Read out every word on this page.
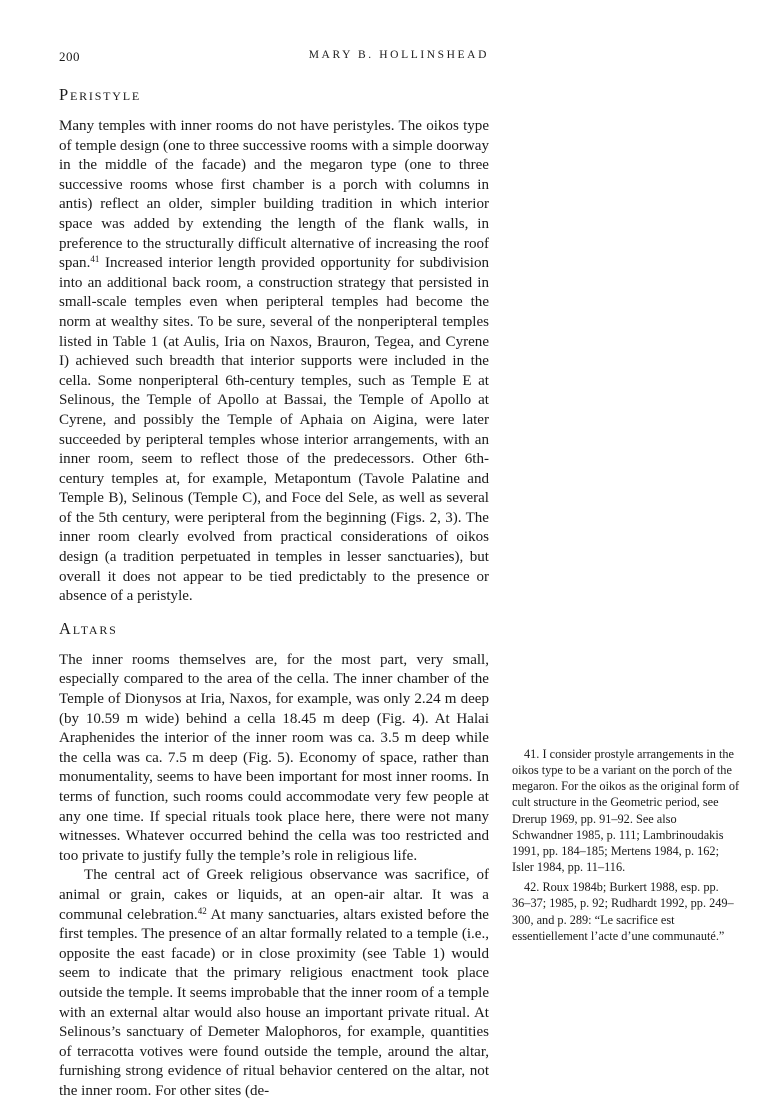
200	MARY B. HOLLINSHEAD
Peristyle

Many temples with inner rooms do not have peristyles. The oikos type of temple design (one to three successive rooms with a simple doorway in the middle of the facade) and the megaron type (one to three successive rooms whose first chamber is a porch with columns in antis) reflect an older, simpler building tradition in which interior space was added by extending the length of the flank walls, in preference to the structurally difficult alternative of increasing the roof span.$^{41}$ Increased interior length provided opportunity for subdivision into an additional back room, a construction strategy that persisted in small-scale temples even when peripteral temples had become the norm at wealthy sites. To be sure, several of the nonperipteral temples listed in Table 1 (at Aulis, Iria on Naxos, Brauron, Tegea, and Cyrene I) achieved such breadth that interior supports were included in the cella. Some nonperipteral 6th-century temples, such as Temple E at Selinous, the Temple of Apollo at Bassai, the Temple of Apollo at Cyrene, and possibly the Temple of Aphaia on Aigina, were later succeeded by peripteral temples whose interior arrangements, with an inner room, seem to reflect those of the predecessors. Other 6th-century temples at, for example, Metapontum (Tavole Palatine and Temple B), Selinous (Temple C), and Foce del Sele, as well as several of the 5th century, were peripteral from the beginning (Figs. 2, 3). The inner room clearly evolved from practical considerations of oikos design (a tradition perpetuated in temples in lesser sanctuaries), but overall it does not appear to be tied predictably to the presence or absence of a peristyle.

Altars

The inner rooms themselves are, for the most part, very small, especially compared to the area of the cella. The inner chamber of the Temple of Dionysos at Iria, Naxos, for example, was only 2.24 m deep (by 10.59 m wide) behind a cella 18.45 m deep (Fig. 4). At Halai Araphenides the interior of the inner room was ca. 3.5 m deep while the cella was ca. 7.5 m deep (Fig. 5). Economy of space, rather than monumentality, seems to have been important for most inner rooms. In terms of function, such rooms could accommodate very few people at any one time. If special rituals took place here, there were not many witnesses. Whatever occurred behind the cella was too restricted and too private to justify fully the temple’s role in religious life.

The central act of Greek religious observance was sacrifice, of animal or grain, cakes or liquids, at an open-air altar. It was a communal celebration.$^{42}$ At many sanctuaries, altars existed before the first temples. The presence of an altar formally related to a temple (i.e., opposite the east facade) or in close proximity (see Table 1) would seem to indicate that the primary religious enactment took place outside the temple. It seems improbable that the inner room of a temple with an external altar would also house an important private ritual. At Selinous’s sanctuary of Demeter Malophoros, for example, quantities of terracotta votives were found outside the temple, around the altar, furnishing strong evidence of ritual behavior centered on the altar, not the inner room. For other sites (de-

41. I consider prostyle arrangements in the oikos type to be a variant on the porch of the megaron. For the oikos as the original form of cult structure in the Geometric period, see Drerup 1969, pp. 91–92. See also Schwandner 1985, p. 111; Lambrinoudakis 1991, pp. 184–185; Mertens 1984, p. 162; Isler 1984, pp. 11–116.

42. Roux 1984b; Burkert 1988, esp. pp. 36–37; 1985, p. 92; Rudhardt 1992, pp. 249–300, and p. 289: “Le sacrifice est essentiellement l’acte d’une communauté.”
